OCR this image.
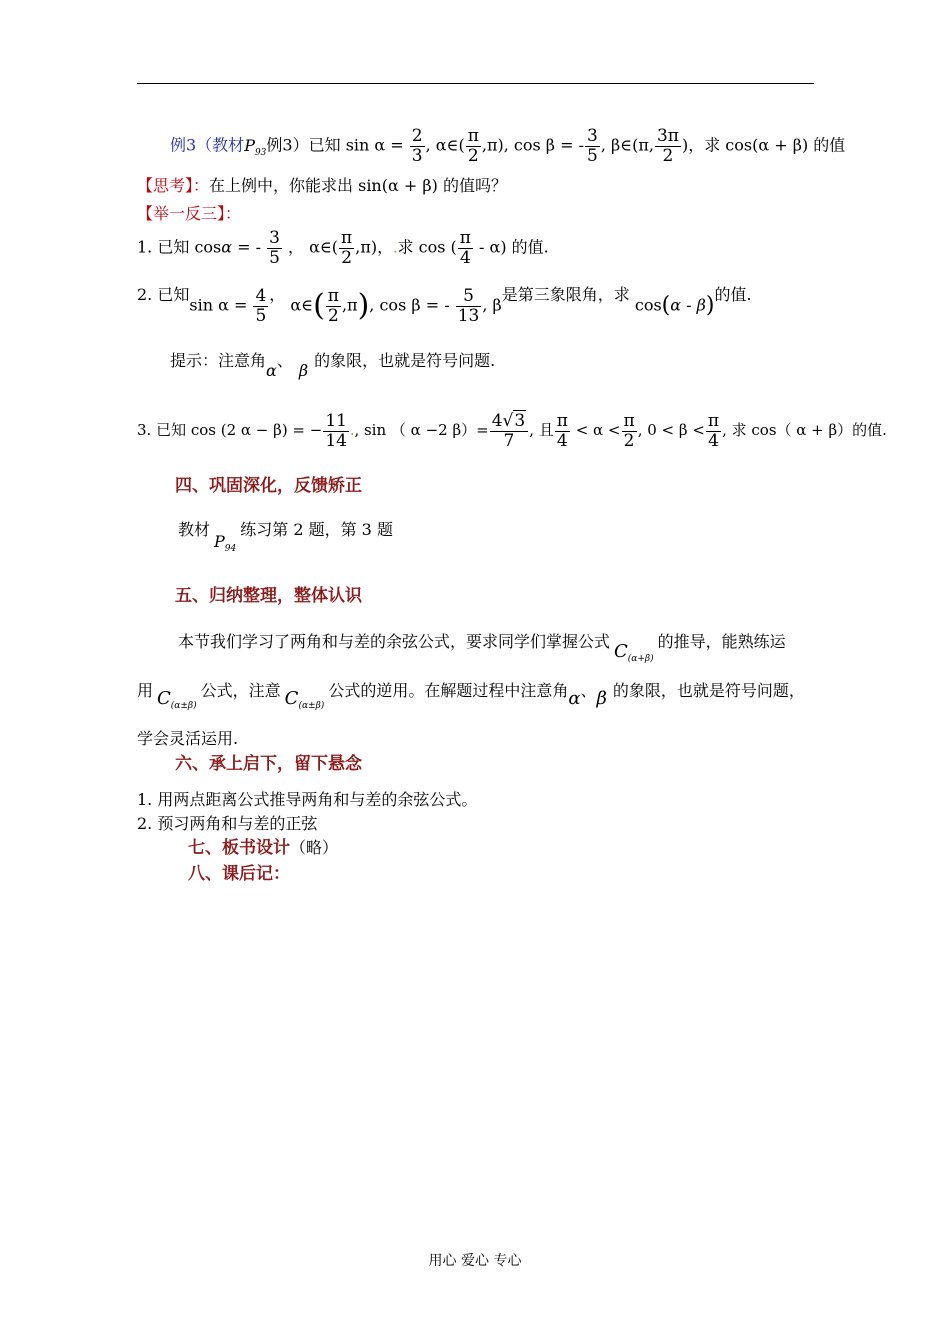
例3（教材$P_{93}$例3）已知 $\sin \alpha = \frac{2}{3}$ , α∈( $\frac{\pi}{2} ,\pi$), cos β = - $\frac{3}{5}$ , β∈(π, $\frac{3\pi}{2}$ )，求 cos(α + β) 的值
【思考】：在上例中，你能求出 sin(α + β) 的值吗？
【举一反三】：
1. 已知 cosα = - $\frac{3}{5}$ ， α∈( $\frac{\pi}{2} ,\pi$)，.求 cos ( $\frac{\pi}{4} - \alpha$) 的值.
2. 已知$\sin \alpha = \frac{4}{5}$ ， α∈( $\frac{\pi}{2} ,\pi$), cos β = - $\frac{5}{13}$ , β是第三象限角，求 cos(α - β)的值.
提示：注意角α、β的象限，也就是符号问题.
3. 已知 cos (2 α − β) = − $\frac{11}{14}$ ., sin （ α −2 $\beta)= \frac{4√3}{7}$ , 且 $\frac{\pi}{4} < \alpha < \frac{\pi}{2}$ , $0 < \beta < \frac{\pi}{4}$ , 求 cos（ α + β）的值.
四、巩固深化，反馈矫正
教材$P_{94}$练习第 2 题，第 3 题
五、归纳整理，整体认识
本节我们学习了两角和与差的余弦公式，要求同学们掌握公式 $C_{(\alpha+\beta)}$的推导，能熟练运
用 $C_{(\alpha\pm\beta)}$公式，注意 $C_{(\alpha\pm\beta)}$公式的逆用。在解题过程中注意角α、β 的象限，也就是符号问题，
学会灵活运用.
六、承上启下，留下悬念
1. 用两点距离公式推导两角和与差的余弦公式。
2. 预习两角和与差的正弦
七、板书设计（略）
八、课后记：
用心 爱心 专心
